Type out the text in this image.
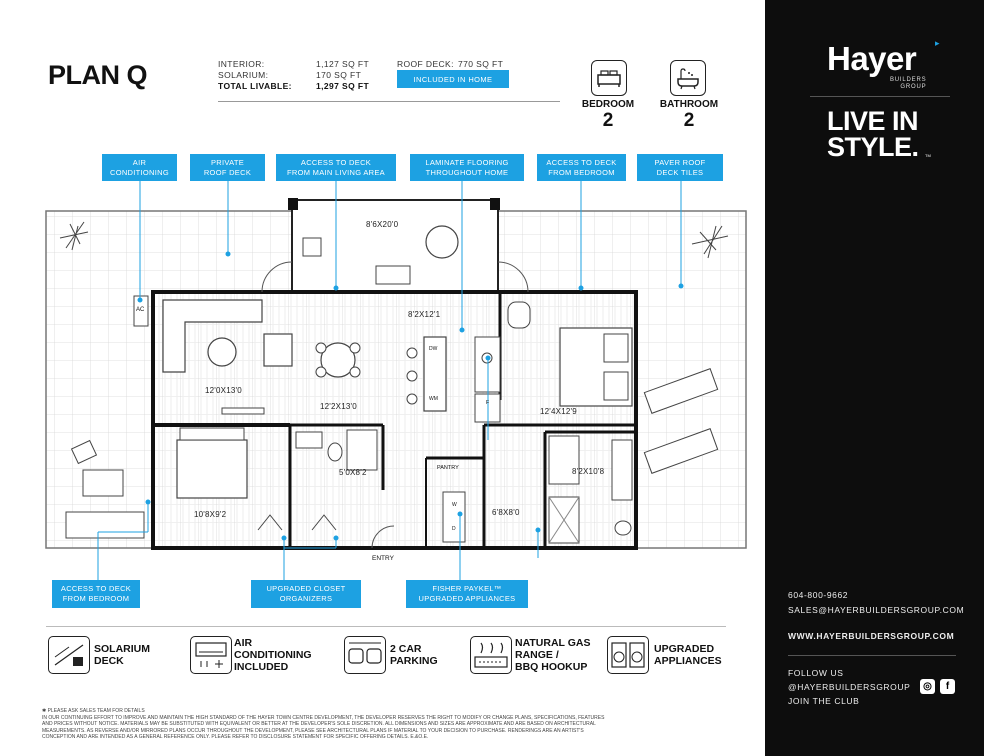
PLAN Q	INTERIOR:	1,127 SQ FT
SOLARIUM:	170 SQ FT
TOTAL LIVABLE:	1,297 SQ FT
ROOF DECK: 770 SQ FT
INCLUDED IN HOME
BEDROOM
2
BATHROOM
2
AIR
CONDITIONING
PRIVATE
ROOF DECK
ACCESS TO DECK
FROM MAIN LIVING AREA
LAMINATE FLOORING
THROUGHOUT HOME
ACCESS TO DECK
FROM BEDROOM
PAVER ROOF
DECK TILES
8'6X20'0
12'0X13'0
12'2X13'0
8'2X12'1
12'4X12'9
10'8X9'2
5'0X8'2	8'2X10'8
6'8X8'0
PANTRY
ENTRY
AC
DW
WM
F
W
D
ACCESS TO DECK
FROM BEDROOM
UPGRADED CLOSET
ORGANIZERS
FISHER PAYKEL™
UPGRADED APPLIANCES
SOLARIUM
DECK
AIR
CONDITIONING
INCLUDED
2 CAR
PARKING
NATURAL GAS
RANGE /
BBQ HOOKUP
UPGRADED
APPLIANCES
✱ PLEASE ASK SALES TEAM FOR DETAILS
IN OUR CONTINUING EFFORT TO IMPROVE AND MAINTAIN THE HIGH STANDARD OF THE HAYER TOWN CENTRE DEVELOPMENT, THE DEVELOPER RESERVES THE RIGHT TO MODIFY OR CHANGE PLANS, SPECIFICATIONS, FEATURES AND PRICES WITHOUT NOTICE. MATERIALS MAY BE SUBSTITUTED WITH EQUIVALENT OR BETTER AT THE DEVELOPER'S SOLE DISCRETION. ALL DIMENSIONS AND SIZES ARE APPROXIMATE AND ARE BASED ON ARCHITECTURAL MEASUREMENTS. AS REVERSE AND/OR MIRRORED PLANS OCCUR THROUGHOUT THE DEVELOPMENT, PLEASE SEE ARCHITECTURAL PLANS IF MATERIAL TO YOUR DECISION TO PURCHASE. RENDERINGS ARE AN ARTIST'S CONCEPTION AND ARE INTENDED AS A GENERAL REFERENCE ONLY. PLEASE REFER TO DISCLOSURE STATEMENT FOR SPECIFIC OFFERING DETAILS. E.&O.E.
Hayer ▸
BUILDERS
GROUP
LIVE IN
STYLE. TM
604-800-9662
SALES@HAYERBUILDERSGROUP.COM
WWW.HAYERBUILDERSGROUP.COM
FOLLOW US
@HAYERBUILDERSGROUP
JOIN THE CLUB
◎	f
